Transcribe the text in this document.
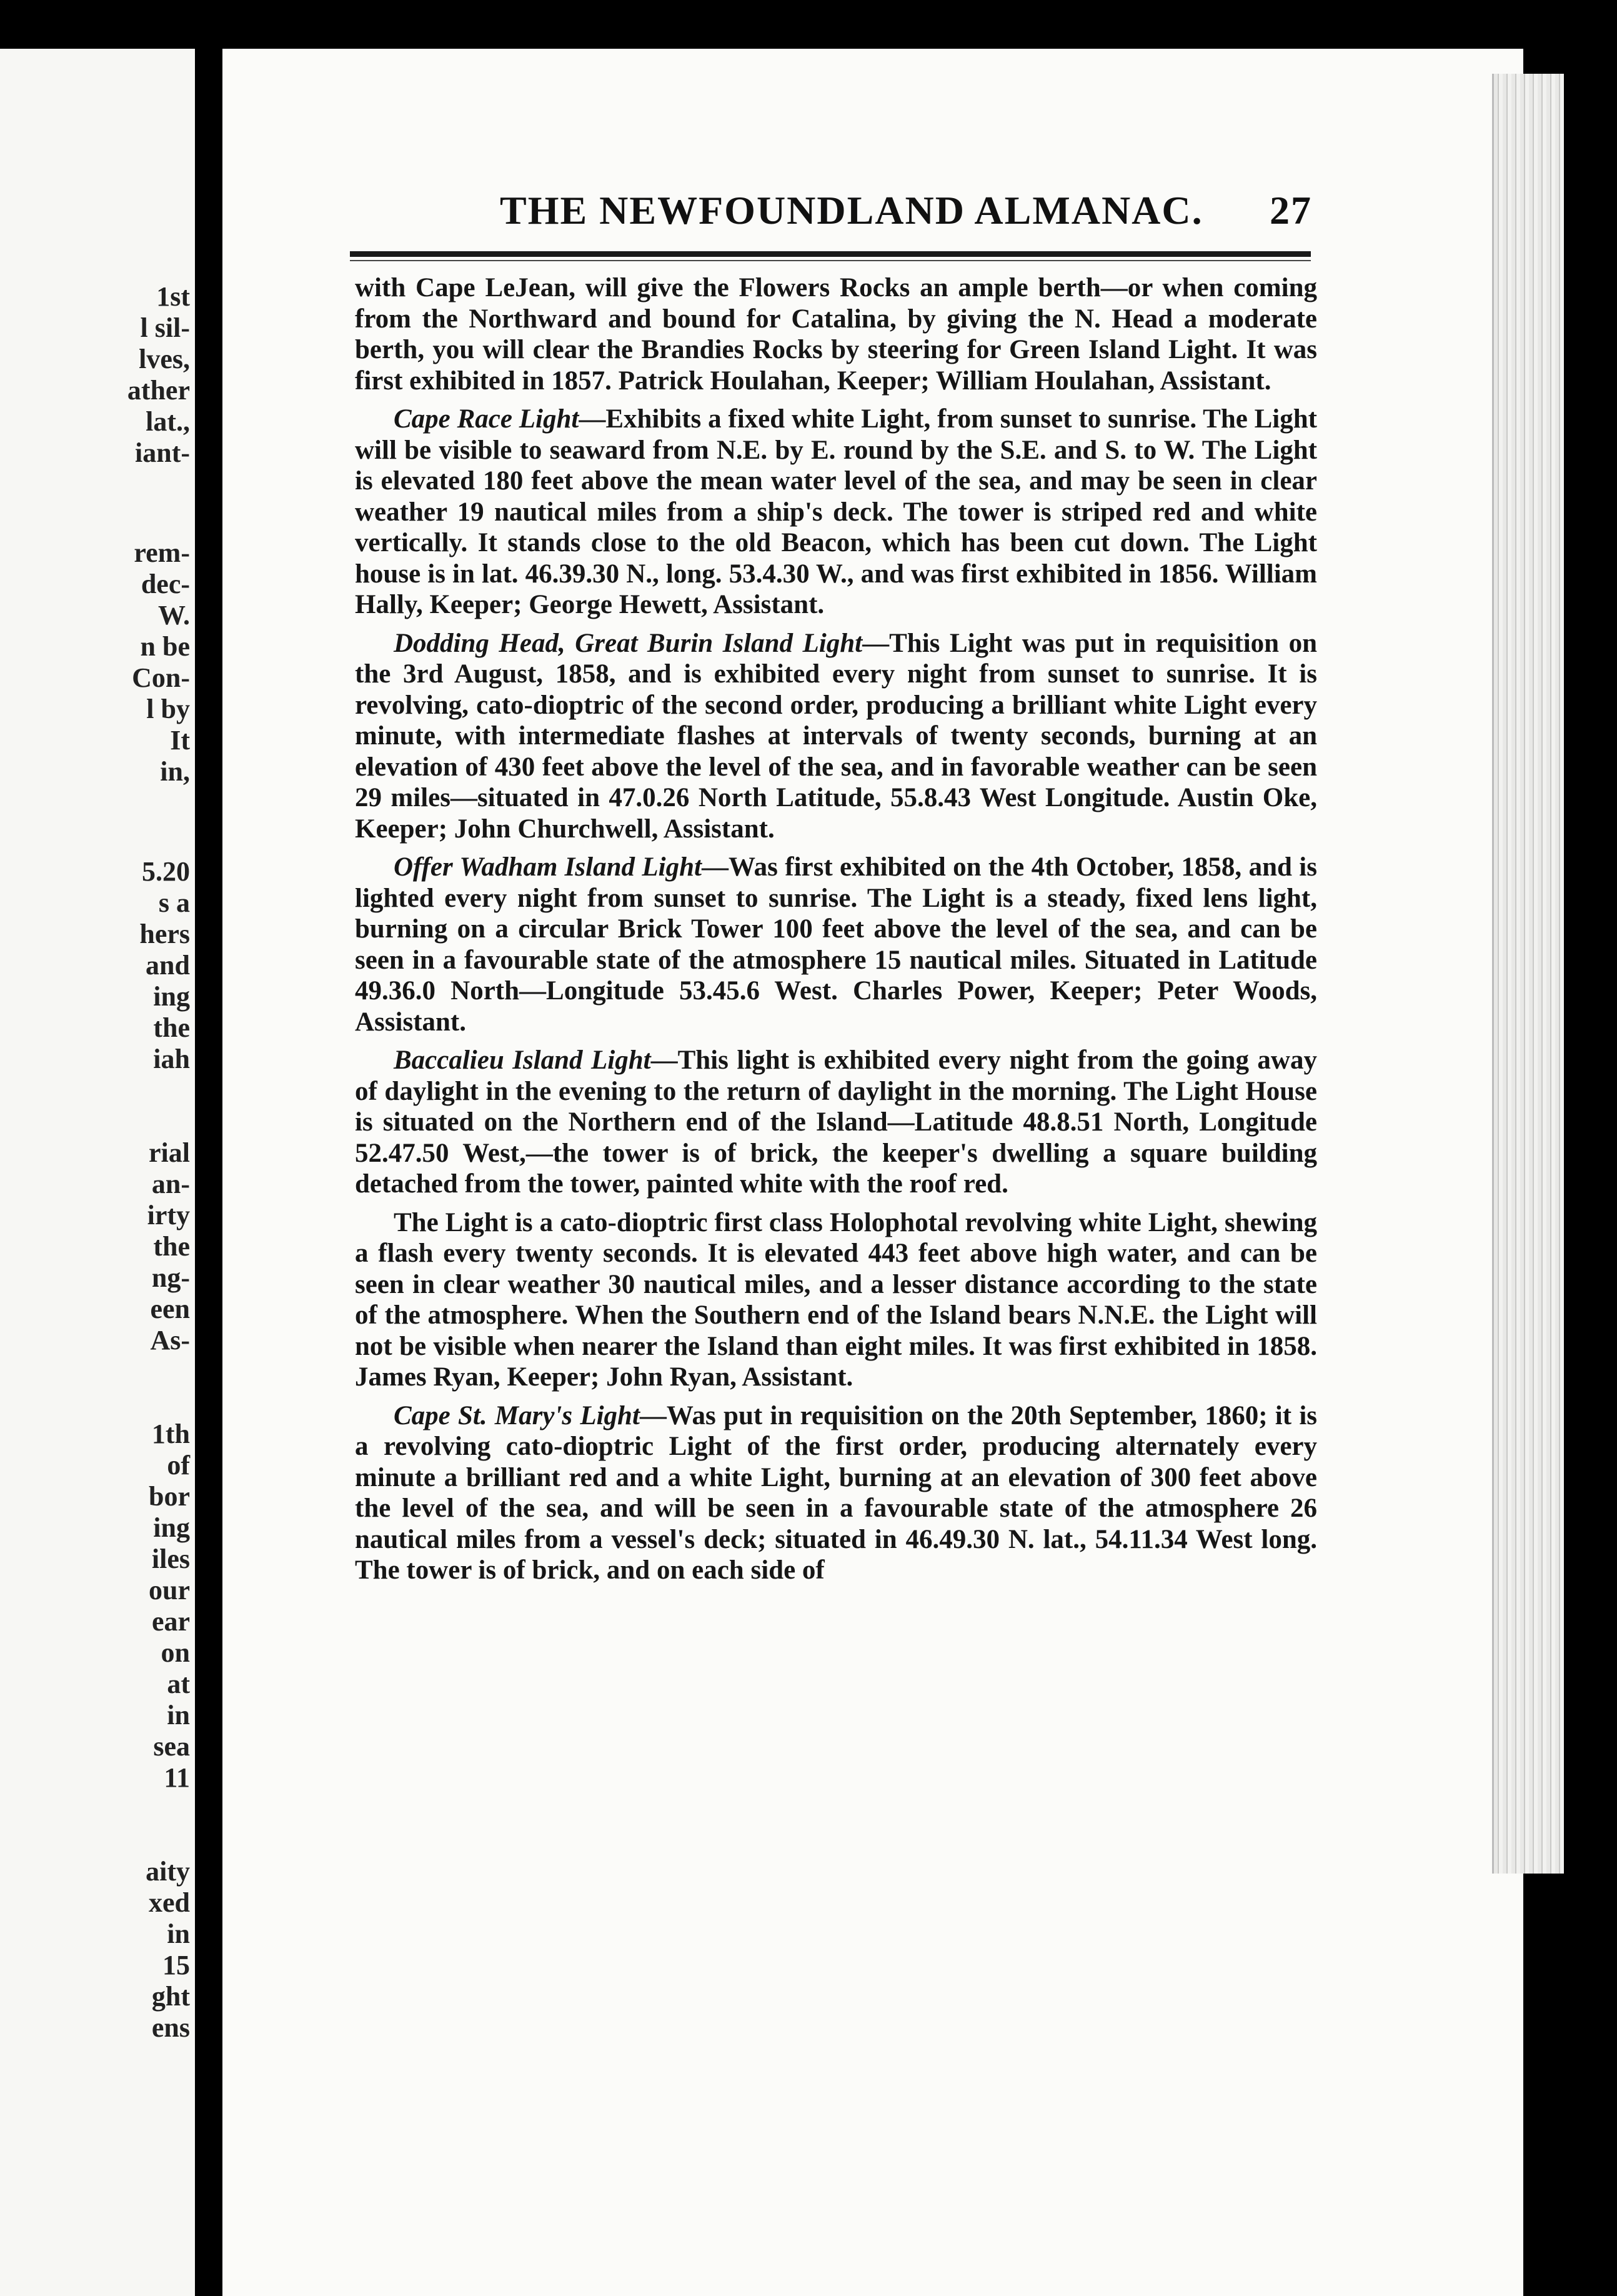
1st
l sil-
lves,
ather
lat.,
iant-
rem-
dec-
W.
n be
Con-
l by
It
in,
5.20
s a
hers
and
ing
the
iah
rial
an-
irty
the
ng-
een
As-
1th
of
bor
ing
iles
our
ear
on
at
in
sea
11
aity
xed
in
15
ght
ens
THE NEWFOUNDLAND ALMANAC. 27

with Cape LeJean, will give the Flowers Rocks an ample berth—or when coming from the Northward and bound for Catalina, by giving the N. Head a moderate berth, you will clear the Brandies Rocks by steering for Green Island Light. It was first exhibited in 1857. Patrick Houlahan, Keeper; William Houlahan, Assistant.

Cape Race Light—Exhibits a fixed white Light, from sunset to sunrise. The Light will be visible to seaward from N.E. by E. round by the S.E. and S. to W. The Light is elevated 180 feet above the mean water level of the sea, and may be seen in clear weather 19 nautical miles from a ship's deck. The tower is striped red and white vertically. It stands close to the old Beacon, which has been cut down. The Light house is in lat. 46.39.30 N., long. 53.4.30 W., and was first exhibited in 1856. William Hally, Keeper; George Hewett, Assistant.

Dodding Head, Great Burin Island Light—This Light was put in requisition on the 3rd August, 1858, and is exhibited every night from sunset to sunrise. It is revolving, cato-dioptric of the second order, producing a brilliant white Light every minute, with intermediate flashes at intervals of twenty seconds, burning at an elevation of 430 feet above the level of the sea, and in favorable weather can be seen 29 miles—situated in 47.0.26 North Latitude, 55.8.43 West Longitude. Austin Oke, Keeper; John Churchwell, Assistant.

Offer Wadham Island Light—Was first exhibited on the 4th October, 1858, and is lighted every night from sunset to sunrise. The Light is a steady, fixed lens light, burning on a circular Brick Tower 100 feet above the level of the sea, and can be seen in a favourable state of the atmosphere 15 nautical miles. Situated in Latitude 49.36.0 North—Longitude 53.45.6 West. Charles Power, Keeper; Peter Woods, Assistant.

Baccalieu Island Light—This light is exhibited every night from the going away of daylight in the evening to the return of daylight in the morning. The Light House is situated on the Northern end of the Island—Latitude 48.8.51 North, Longitude 52.47.50 West,—the tower is of brick, the keeper's dwelling a square building detached from the tower, painted white with the roof red.

The Light is a cato-dioptric first class Holophotal revolving white Light, shewing a flash every twenty seconds. It is elevated 443 feet above high water, and can be seen in clear weather 30 nautical miles, and a lesser distance according to the state of the atmosphere. When the Southern end of the Island bears N.N.E. the Light will not be visible when nearer the Island than eight miles. It was first exhibited in 1858. James Ryan, Keeper; John Ryan, Assistant.

Cape St. Mary's Light—Was put in requisition on the 20th September, 1860; it is a revolving cato-dioptric Light of the first order, producing alternately every minute a brilliant red and a white Light, burning at an elevation of 300 feet above the level of the sea, and will be seen in a favourable state of the atmosphere 26 nautical miles from a vessel's deck; situated in 46.49.30 N. lat., 54.11.34 West long. The tower is of brick, and on each side of
